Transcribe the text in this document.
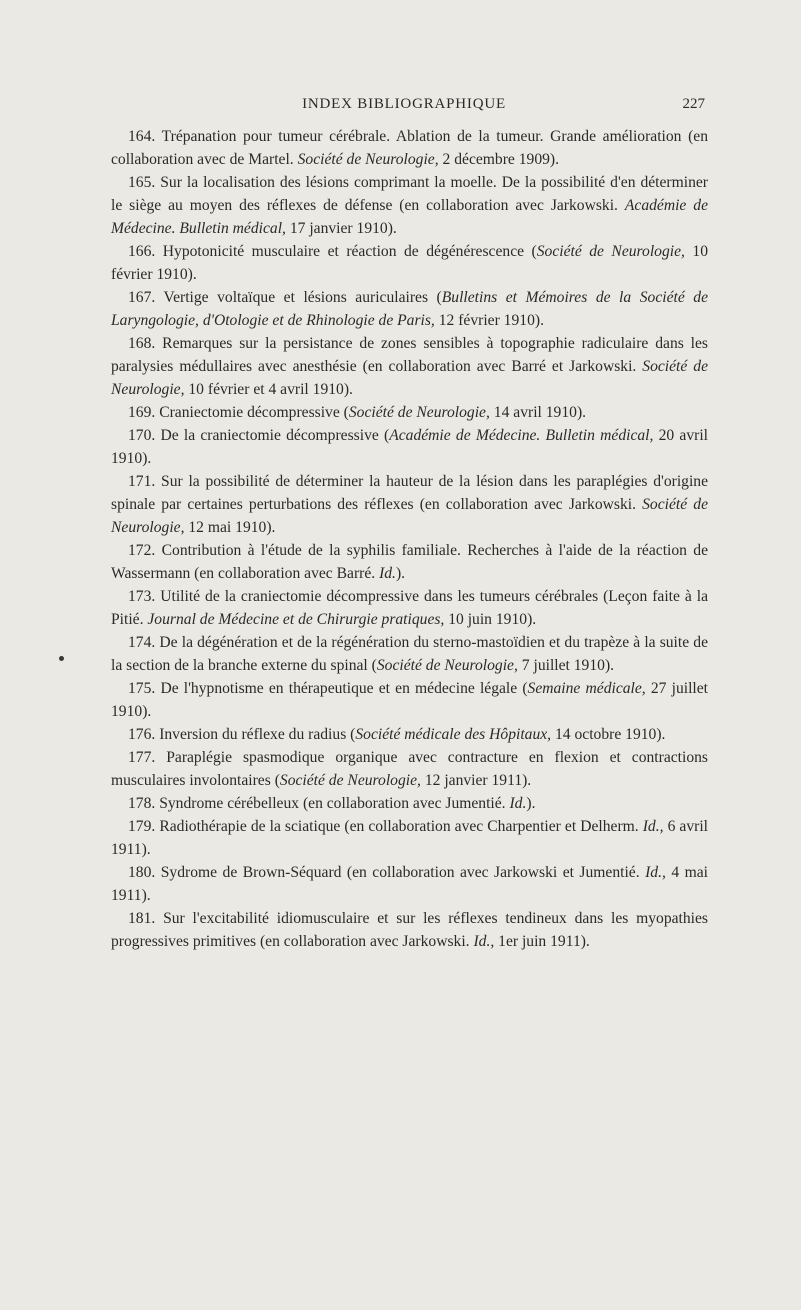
INDEX BIBLIOGRAPHIQUE	227

164. Trépanation pour tumeur cérébrale. Ablation de la tumeur. Grande amélioration (en collaboration avec de Martel. Société de Neurologie, 2 décembre 1909).

165. Sur la localisation des lésions comprimant la moelle. De la possibilité d'en déterminer le siège au moyen des réflexes de défense (en collaboration avec Jarkowski. Académie de Médecine. Bulletin médical, 17 janvier 1910).

166. Hypotonicité musculaire et réaction de dégénérescence (Société de Neurologie, 10 février 1910).

167. Vertige voltaïque et lésions auriculaires (Bulletins et Mémoires de la Société de Laryngologie, d'Otologie et de Rhinologie de Paris, 12 février 1910).

168. Remarques sur la persistance de zones sensibles à topographie radiculaire dans les paralysies médullaires avec anesthésie (en collaboration avec Barré et Jarkowski. Société de Neurologie, 10 février et 4 avril 1910).

169. Craniectomie décompressive (Société de Neurologie, 14 avril 1910).

170. De la craniectomie décompressive (Académie de Médecine. Bulletin médical, 20 avril 1910).

171. Sur la possibilité de déterminer la hauteur de la lésion dans les paraplégies d'origine spinale par certaines perturbations des réflexes (en collaboration avec Jarkowski. Société de Neurologie, 12 mai 1910).

172. Contribution à l'étude de la syphilis familiale. Recherches à l'aide de la réaction de Wassermann (en collaboration avec Barré. Id.).

173. Utilité de la craniectomie décompressive dans les tumeurs cérébrales (Leçon faite à la Pitié. Journal de Médecine et de Chirurgie pratiques, 10 juin 1910).

174. De la dégénération et de la régénération du sterno-mastoïdien et du trapèze à la suite de la section de la branche externe du spinal (Société de Neurologie, 7 juillet 1910).

175. De l'hypnotisme en thérapeutique et en médecine légale (Semaine médicale, 27 juillet 1910).

176. Inversion du réflexe du radius (Société médicale des Hôpitaux, 14 octobre 1910).

177. Paraplégie spasmodique organique avec contracture en flexion et contractions musculaires involontaires (Société de Neurologie, 12 janvier 1911).

178. Syndrome cérébelleux (en collaboration avec Jumentié. Id.).

179. Radiothérapie de la sciatique (en collaboration avec Charpentier et Delherm. Id., 6 avril 1911).

180. Sydrome de Brown-Séquard (en collaboration avec Jarkowski et Jumentié. Id., 4 mai 1911).

181. Sur l'excitabilité idiomusculaire et sur les réflexes tendineux dans les myopathies progressives primitives (en collaboration avec Jarkowski. Id., 1er juin 1911).
